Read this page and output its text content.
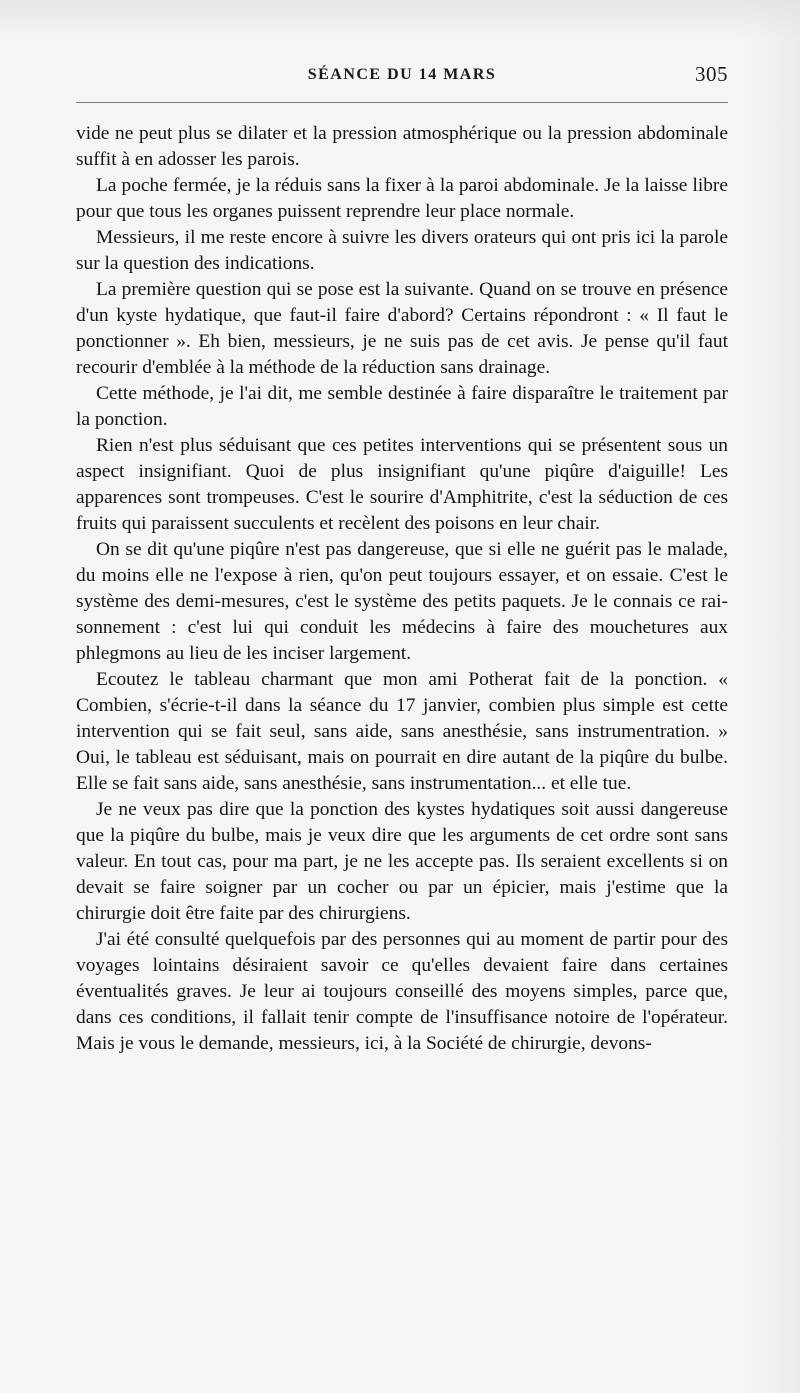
SÉANCE DU 14 MARS	305

vide ne peut plus se dilater et la pression atmosphérique ou la pression abdominale suffit à en adosser les parois.

La poche fermée, je la réduis sans la fixer à la paroi abdominale. Je la laisse libre pour que tous les organes puissent reprendre leur place normale.

Messieurs, il me reste encore à suivre les divers orateurs qui ont pris ici la parole sur la question des indications.

La première question qui se pose est la suivante. Quand on se trouve en présence d'un kyste hydatique, que faut-il faire d'abord? Certains répondront : « Il faut le ponctionner ». Eh bien, messieurs, je ne suis pas de cet avis. Je pense qu'il faut recourir d'emblée à la méthode de la réduction sans drainage.

Cette méthode, je l'ai dit, me semble destinée à faire disparaître le traitement par la ponction.

Rien n'est plus séduisant que ces petites interventions qui se présentent sous un aspect insignifiant. Quoi de plus insignifiant qu'une piqûre d'aiguille! Les apparences sont trompeuses. C'est le sourire d'Amphitrite, c'est la séduction de ces fruits qui paraissent succulents et recèlent des poisons en leur chair.

On se dit qu'une piqûre n'est pas dangereuse, que si elle ne guérit pas le malade, du moins elle ne l'expose à rien, qu'on peut toujours essayer, et on essaie. C'est le système des demi-mesures, c'est le système des petits paquets. Je le connais ce raisonnement : c'est lui qui conduit les médecins à faire des mouchetures aux phlegmons au lieu de les inciser largement.

Ecoutez le tableau charmant que mon ami Potherat fait de la ponction. « Combien, s'écrie-t-il dans la séance du 17 janvier, combien plus simple est cette intervention qui se fait seul, sans aide, sans anesthésie, sans instrumentration. » Oui, le tableau est séduisant, mais on pourrait en dire autant de la piqûre du bulbe. Elle se fait sans aide, sans anesthésie, sans instrumentation... et elle tue.

Je ne veux pas dire que la ponction des kystes hydatiques soit aussi dangereuse que la piqûre du bulbe, mais je veux dire que les arguments de cet ordre sont sans valeur. En tout cas, pour ma part, je ne les accepte pas. Ils seraient excellents si on devait se faire soigner par un cocher ou par un épicier, mais j'estime que la chirurgie doit être faite par des chirurgiens.

J'ai été consulté quelquefois par des personnes qui au moment de partir pour des voyages lointains désiraient savoir ce qu'elles devaient faire dans certaines éventualités graves. Je leur ai toujours conseillé des moyens simples, parce que, dans ces conditions, il fallait tenir compte de l'insuffisance notoire de l'opérateur. Mais je vous le demande, messieurs, ici, à la Société de chirurgie, devons-
